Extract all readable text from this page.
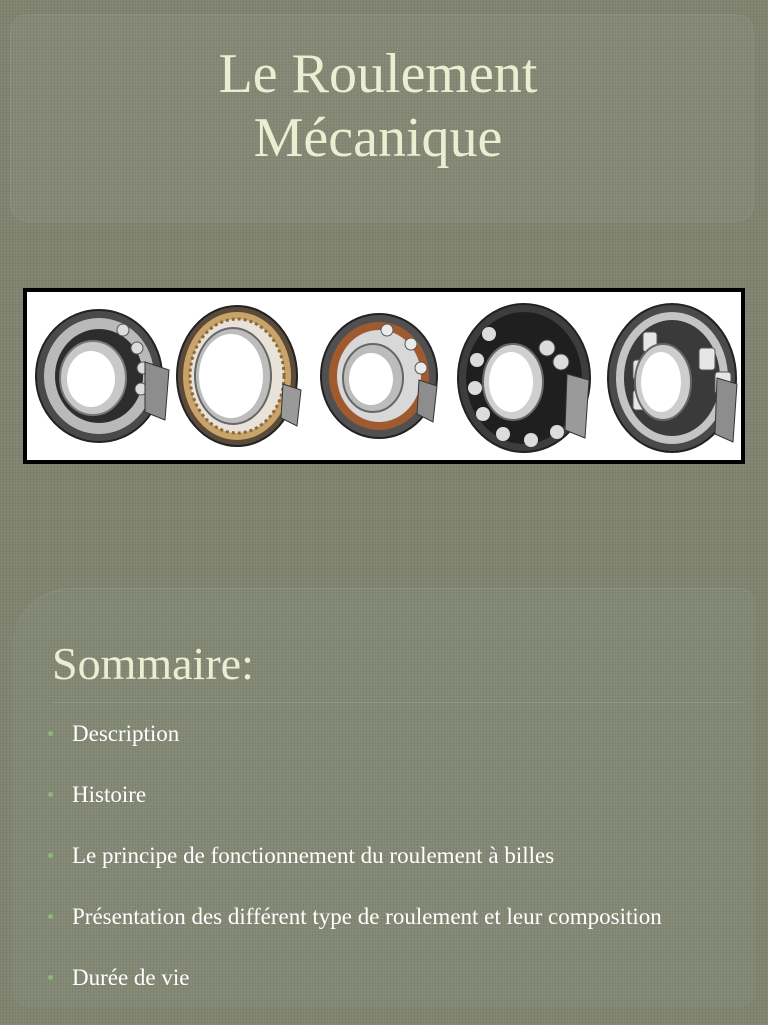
Le Roulement
Mécanique
Sommaire:
Description
Histoire
Le principe de fonctionnement du roulement à billes
Présentation des différent type de roulement et leur composition
Durée de vie
